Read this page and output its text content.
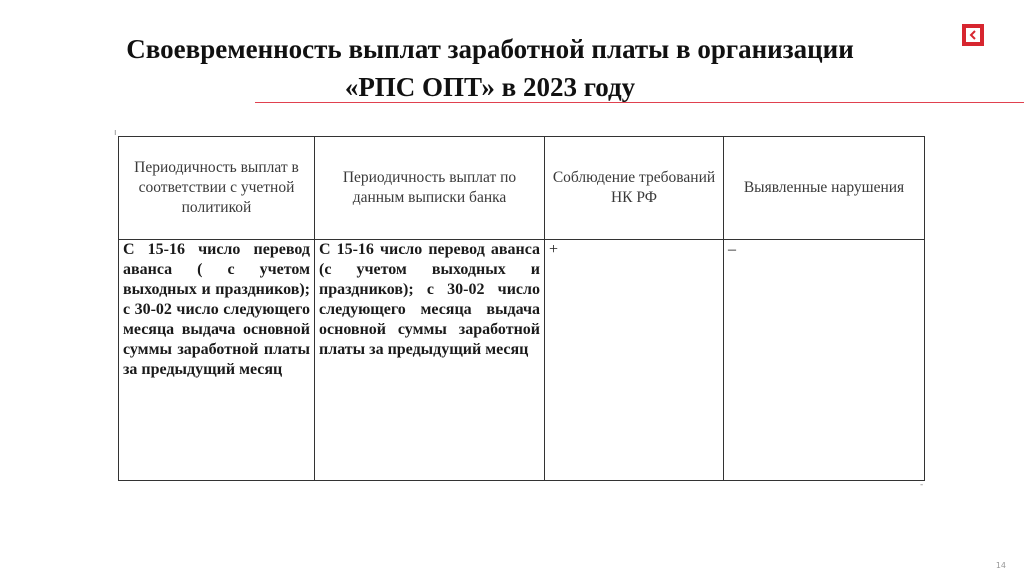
Своевременность выплат заработной платы в организации
«РПС ОПТ» в 2023 году
ı
-
Периодичность выплат в соответствии с учетной политикой	Периодичность выплат по данным выписки банка	Соблюдение требований НК РФ	Выявленные нарушения
С 15-16 число перевод аванса ( с учетом выходных и праздников); с 30-02 число следующего месяца выдача основной суммы заработной платы за предыдущий месяц	С 15-16 число перевод аванса (с учетом выходных и праздников); с 30-02 число следующего месяца выдача основной суммы заработной платы за предыдущий месяц	+	–
14
